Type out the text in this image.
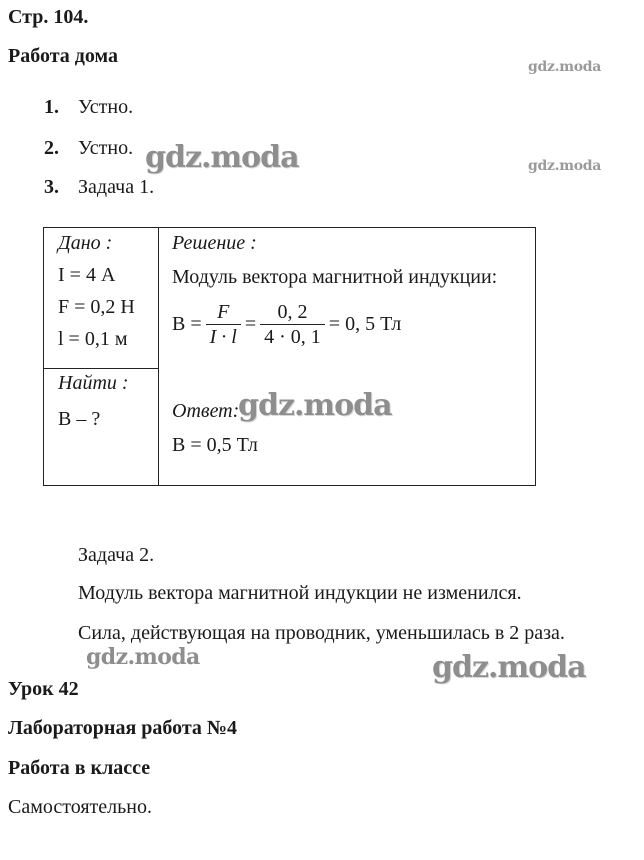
Стр. 104.
Работа дома
1. Устно.
2. Устно.
3. Задача 1.
Дано :
I = 4 А
F = 0,2 Н
l = 0,1 м
Найти :
B – ?
Решение :
Модуль вектора магнитной индукции:
$B = \frac{F}{I \cdot l} = \frac{0, 2}{4 \cdot 0, 1} = 0$, 5 Тл
Ответ:
B = 0,5 Тл
Задача 2.
Модуль вектора магнитной индукции не изменился.
Сила, действующая на проводник, уменьшилась в 2 раза.
Урок 42
Лабораторная работа №4
Работа в классе
Самостоятельно.
gdz.moda
gdz.moda
gdz.moda
gdz.moda
gdz.moda	gdz.moda
